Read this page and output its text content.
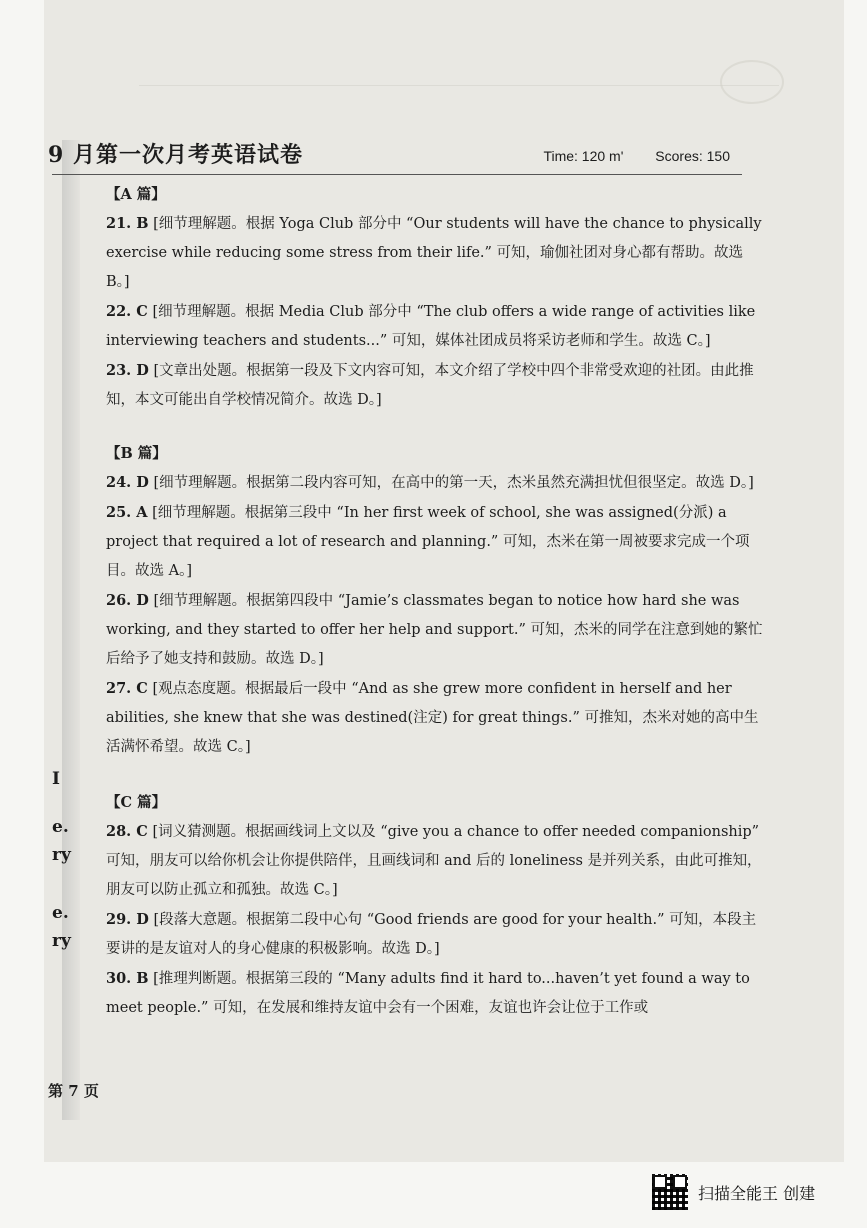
9 月第一次月考英语试卷	Time: 120 m' Scores: 150
I
e.
ry
e.
ry

【A 篇】

21. B [细节理解题。根据 Yoga Club 部分中 “Our students will have the chance to physically exercise while reducing some stress from their life.” 可知，瑜伽社团对身心都有帮助。故选 B。]

22. C [细节理解题。根据 Media Club 部分中 “The club offers a wide range of activities like interviewing teachers and students...” 可知，媒体社团成员将采访老师和学生。故选 C。]

23. D [文章出处题。根据第一段及下文内容可知，本文介绍了学校中四个非常受欢迎的社团。由此推知，本文可能出自学校情况简介。故选 D。]

【B 篇】

24. D [细节理解题。根据第二段内容可知，在高中的第一天，杰米虽然充满担忧但很坚定。故选 D。]

25. A [细节理解题。根据第三段中 “In her first week of school, she was assigned(分派) a project that required a lot of research and planning.” 可知，杰米在第一周被要求完成一个项目。故选 A。]

26. D [细节理解题。根据第四段中 “Jamie’s classmates began to notice how hard she was working, and they started to offer her help and support.” 可知，杰米的同学在注意到她的繁忙后给予了她支持和鼓励。故选 D。]

27. C [观点态度题。根据最后一段中 “And as she grew more confident in herself and her abilities, she knew that she was destined(注定) for great things.” 可推知，杰米对她的高中生活满怀希望。故选 C。]

【C 篇】

28. C [词义猜测题。根据画线词上文以及 “give you a chance to offer needed companionship” 可知，朋友可以给你机会让你提供陪伴，且画线词和 and 后的 loneliness 是并列关系，由此可推知，朋友可以防止孤立和孤独。故选 C。]

29. D [段落大意题。根据第二段中心句 “Good friends are good for your health.” 可知，本段主要讲的是友谊对人的身心健康的积极影响。故选 D。]

30. B [推理判断题。根据第三段的 “Many adults find it hard to...haven’t yet found a way to meet people.” 可知，在发展和维持友谊中会有一个困难，友谊也许会让位于工作或

第 7 页
扫描全能王 创建
